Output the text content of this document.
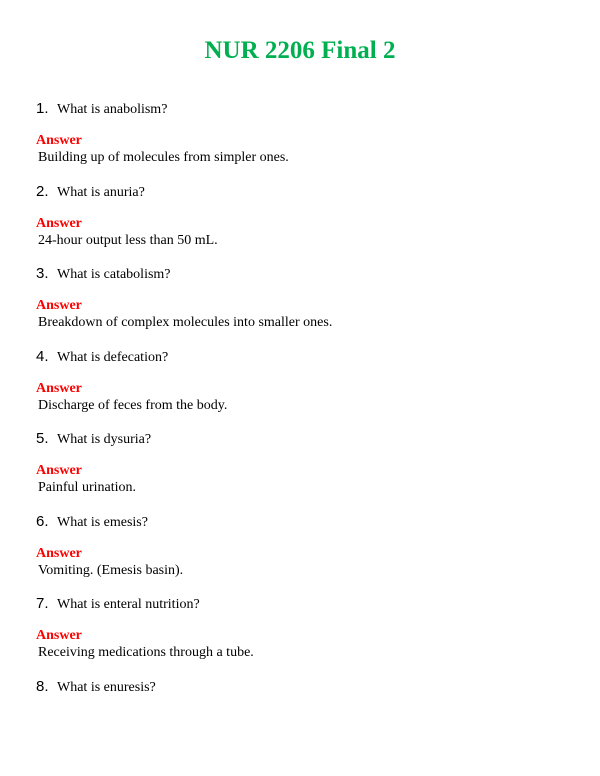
NUR 2206 Final 2
1. What is anabolism?
Answer
Building up of molecules from simpler ones.
2. What is anuria?
Answer
24-hour output less than 50 mL.
3. What is catabolism?
Answer
Breakdown of complex molecules into smaller ones.
4. What is defecation?
Answer
Discharge of feces from the body.
5. What is dysuria?
Answer
Painful urination.
6. What is emesis?
Answer
Vomiting. (Emesis basin).
7. What is enteral nutrition?
Answer
Receiving medications through a tube.
8. What is enuresis?
